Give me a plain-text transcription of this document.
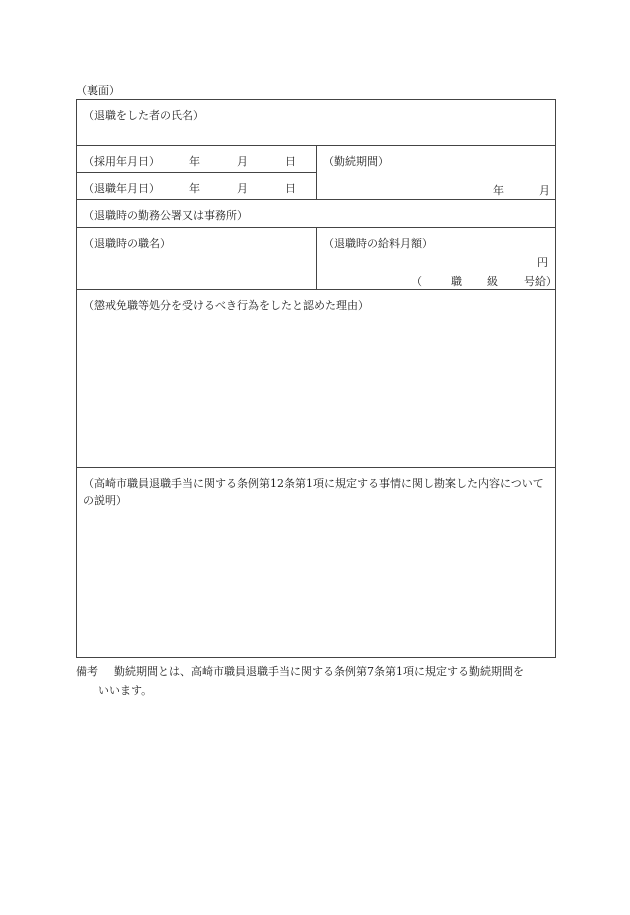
（裏面）
（退職をした者の氏名）
（採用年月日）	年	月	日
（退職年月日）	年	月	日
（勤続期間）
年	月
（退職時の勤務公署又は事務所）
（退職時の職名）	（退職時の給料月額）
円
（	職 級 号給）
（懲戒免職等処分を受けるべき行為をしたと認めた理由）
（高崎市職員退職手当に関する条例第12条第1項に規定する事情に関し勘案した内容についての説明）
備考 勤続期間とは、高崎市職員退職手当に関する条例第7条第1項に規定する勤続期間を
いいます。
